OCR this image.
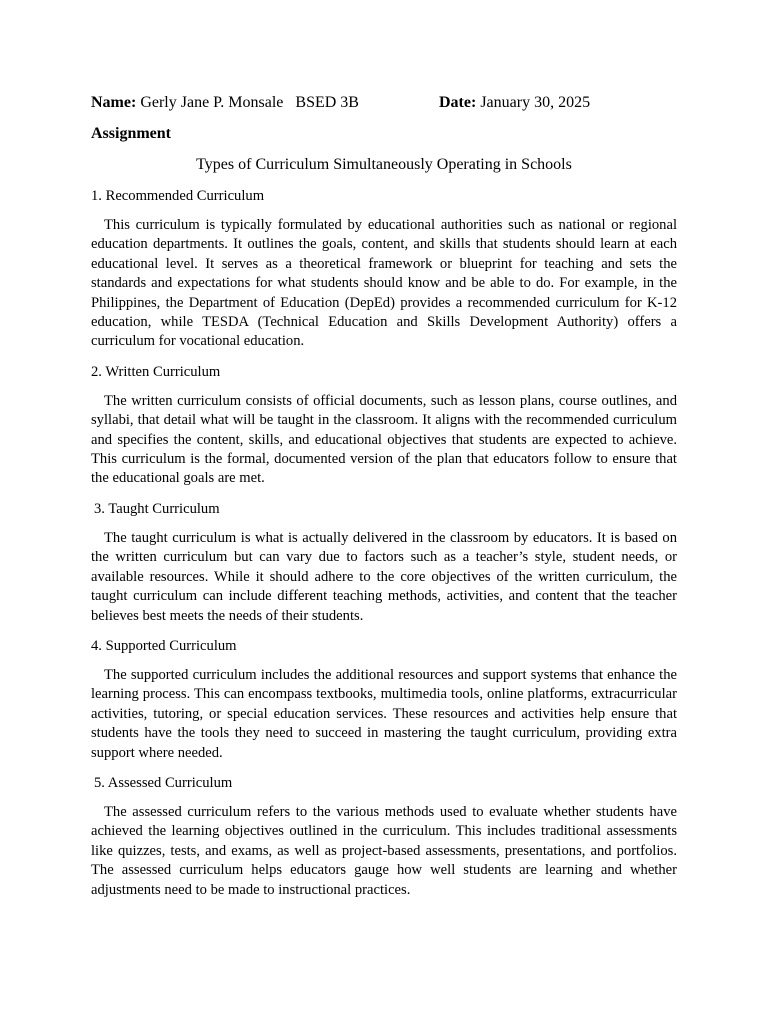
Name: Gerly Jane P. Monsale   BSED 3B	Date: January 30, 2025

Assignment

Types of Curriculum Simultaneously Operating in Schools

1. Recommended Curriculum

This curriculum is typically formulated by educational authorities such as national or regional education departments. It outlines the goals, content, and skills that students should learn at each educational level. It serves as a theoretical framework or blueprint for teaching and sets the standards and expectations for what students should know and be able to do. For example, in the Philippines, the Department of Education (DepEd) provides a recommended curriculum for K-12 education, while TESDA (Technical Education and Skills Development Authority) offers a curriculum for vocational education.

2. Written Curriculum

The written curriculum consists of official documents, such as lesson plans, course outlines, and syllabi, that detail what will be taught in the classroom. It aligns with the recommended curriculum and specifies the content, skills, and educational objectives that students are expected to achieve. This curriculum is the formal, documented version of the plan that educators follow to ensure that the educational goals are met.

3. Taught Curriculum

The taught curriculum is what is actually delivered in the classroom by educators. It is based on the written curriculum but can vary due to factors such as a teacher’s style, student needs, or available resources. While it should adhere to the core objectives of the written curriculum, the taught curriculum can include different teaching methods, activities, and content that the teacher believes best meets the needs of their students.

4. Supported Curriculum

The supported curriculum includes the additional resources and support systems that enhance the learning process. This can encompass textbooks, multimedia tools, online platforms, extracurricular activities, tutoring, or special education services. These resources and activities help ensure that students have the tools they need to succeed in mastering the taught curriculum, providing extra support where needed.

5. Assessed Curriculum

The assessed curriculum refers to the various methods used to evaluate whether students have achieved the learning objectives outlined in the curriculum. This includes traditional assessments like quizzes, tests, and exams, as well as project-based assessments, presentations, and portfolios. The assessed curriculum helps educators gauge how well students are learning and whether adjustments need to be made to instructional practices.
